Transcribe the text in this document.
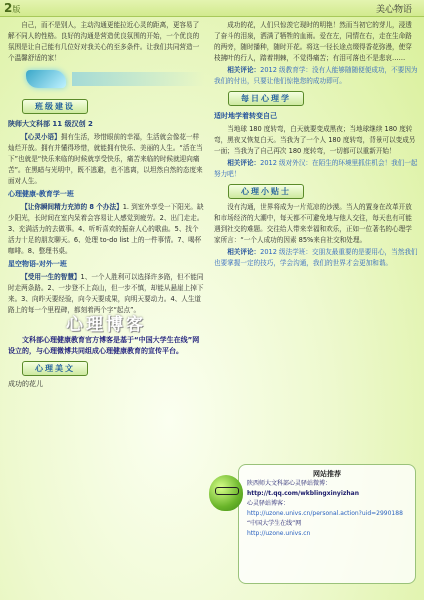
2版	美心物语

自己，而不是别人，主动沟通更能拉近心灵的距离，更容易了解不同人的性格。良好的沟通是营造优良氛围的开始，一个优良的氛围是让自己能有几位好对我关心的至多条件。让我们共同营造一个温馨舒适的家！

班级建设
陕师大文科部 11 级汉创 2

【心灵小语】拥有生活，珍惜眼前的幸福，生活就会像花一样灿烂开放。拥有并懂得珍惜，就能拥有快乐、美丽的人生。“活在当下”也就是“快乐来临的时候就享受快乐，痛苦来临的时候就迎向痛苦”。在黑暗与光明中，既不逃避，也不逃离，以坦然自然的态度来面对人生。

心理健康-教育学一班

【让你瞬间精力充沛的 8 个办法】1. 到室外享受一下阳光。缺少阳光，长时间在室内呆着会容易让人感觉到疲劳。2、出门走走。3、充满活力的去做事。4、听听喜欢的振奋人心的歌曲。5、找个活力十足的朋友聊天。6、处理 to-do list 上的一件事情。7、喝杯咖啡。8、整理书桌。

星空物语-对外一班

【受用一生的智慧】1、一个人胜利可以选择许多路，但不能同时走两条路。2、一步登不上高山，但一步不慎，却能从悬崖上掉下来。3、向昨天要经验，向今天要成果，向明天要动力。4、人生道路上的每一个里程碑，都刻着两个字“起点”。

心理博客

文科部心理健康教育官方博客是基于“中国大学生在线”网设立的，与心理微博共同组成心理健康教育的宣传平台。

心理美文
成功的花儿

成功的花，人们只惊羡它现时的明艳！然而当初它的芽儿，浸透了奋斗的泪泉，洒满了牺牲的血雨。爱在左，同情在右，走在生命路的两旁，随时播种，随时开花。将这一径长途点缀得香花弥漫，使穿枝拂叶的行人，踏着荆棘，不觉得痛苦；有泪可落也不是悲哀……

相关评论：2012 级教育学：没有人能够随随便便成功，不要因为我们的付出，只要让他们惊艳您的成功即可。

每日心理学
适时地学着转变自己

当地球 180 度转弯，白天就要变成黑夜；当地球继续 180 度转弯，黑夜又恢复白天。当我为了一个人 180 度转弯，背景可以变成另一面；当我为了自己再次 180 度转弯，一切都可以重新开始！

相关评论：2012 级对外汉：在陌生的环境里抓住机会！我们一起努力吧！

心理小贴士

没有沟通，世界将成为一片荒凉的沙漠。当人的置身在改革开放和市场经济的大潮中，每天都不可避免地与他人交往，每天也有可能遇到社交的难题。交往给人带来幸福和欢乐，正如一位著名的心理学家所言：“一个人成功的因素 85%来自社交和处理。

相关评论：2012 级法学班：交朋友最重要的是要用心，当然我们也要掌握一定的技巧，学会沟通，我们的世界才会更加和谐。

网站推荐
陕西师大文科部心灵驿站微博：
http://t.qq.com/wkblingxinyizhan
心灵驿站博客：
http://uzone.univs.cn/personal.action?uid=2990188
“中国大学生在线”网
http://uzone.univs.cn
